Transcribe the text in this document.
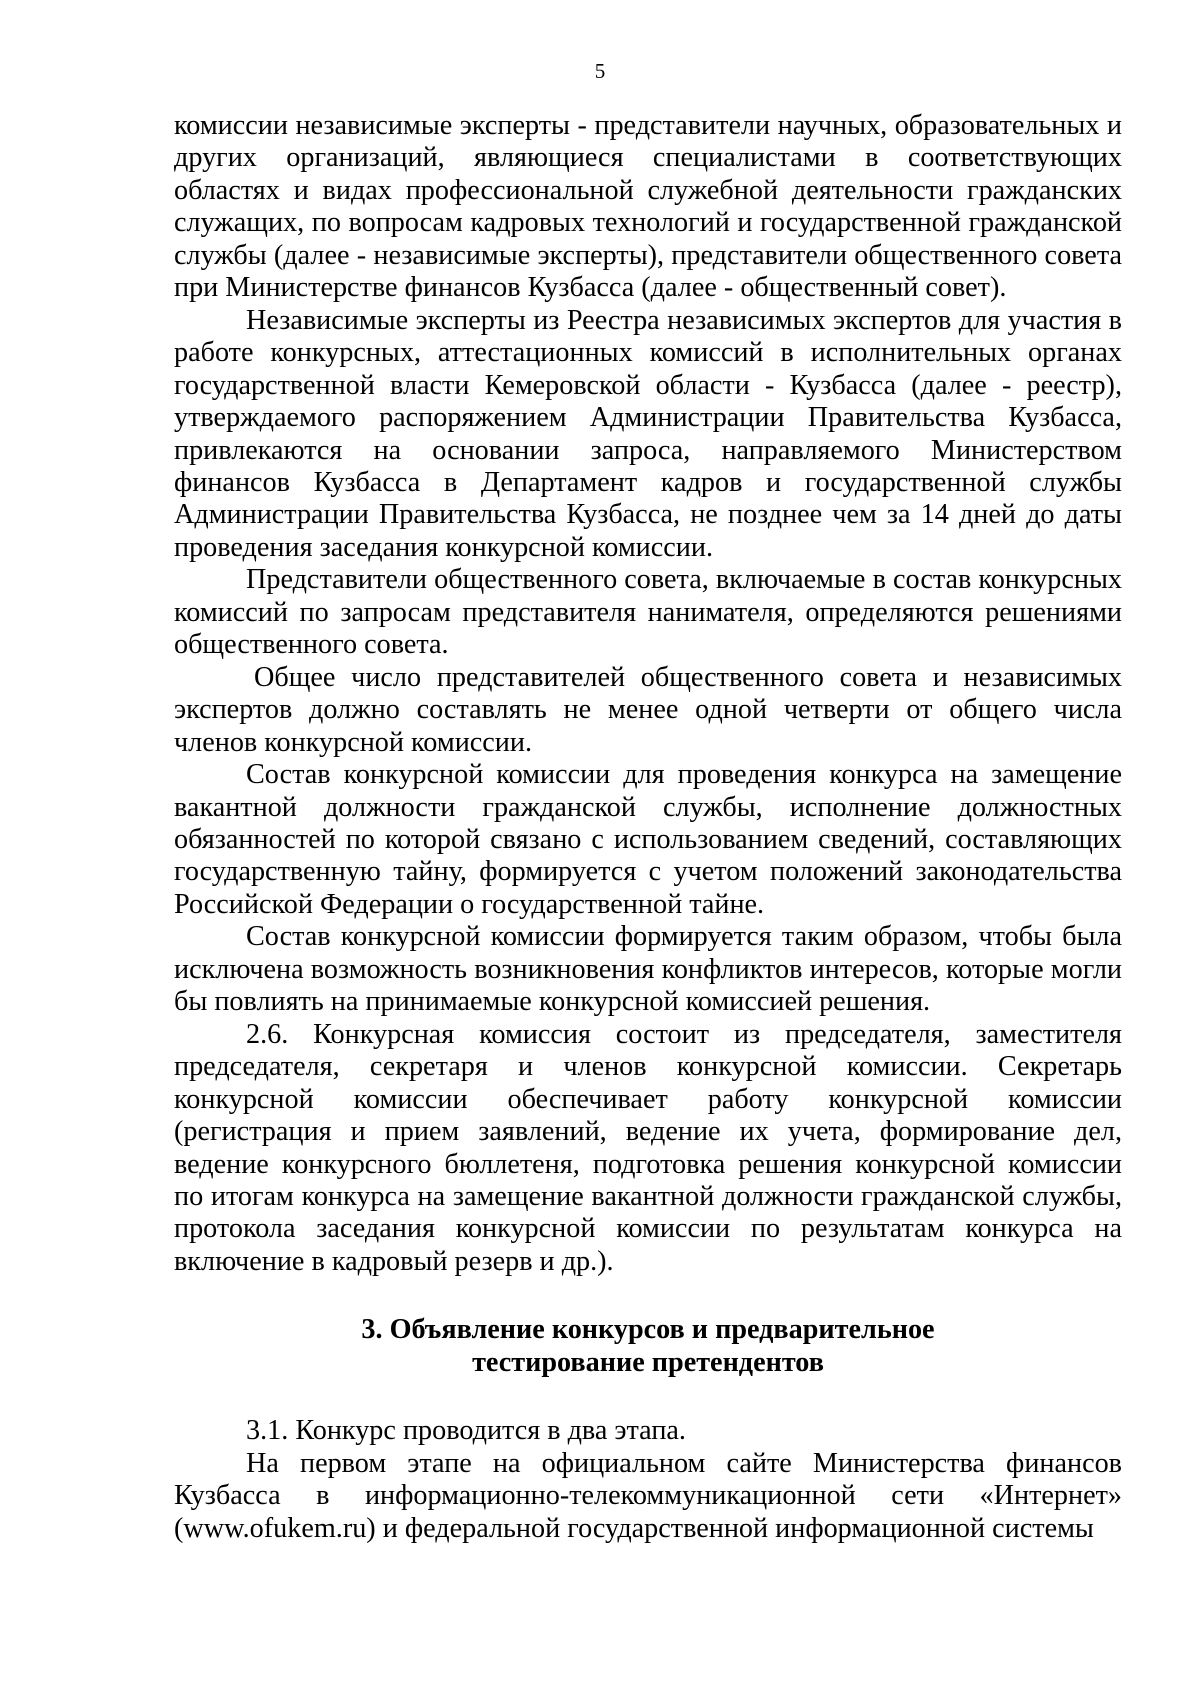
5

комиссии независимые эксперты - представители научных, образовательных и других организаций, являющиеся специалистами в соответствующих областях и видах профессиональной служебной деятельности гражданских служащих, по вопросам кадровых технологий и государственной гражданской службы (далее - независимые эксперты), представители общественного совета при Министерстве финансов Кузбасса (далее - общественный совет).

Независимые эксперты из Реестра независимых экспертов для участия в работе конкурсных, аттестационных комиссий в исполнительных органах государственной власти Кемеровской области - Кузбасса (далее - реестр), утверждаемого распоряжением Администрации Правительства Кузбасса, привлекаются на основании запроса, направляемого Министерством финансов Кузбасса в Департамент кадров и государственной службы Администрации Правительства Кузбасса, не позднее чем за 14 дней до даты проведения заседания конкурсной комиссии.

Представители общественного совета, включаемые в состав конкурсных комиссий по запросам представителя нанимателя, определяются решениями общественного совета.

Общее число представителей общественного совета и независимых экспертов должно составлять не менее одной четверти от общего числа членов конкурсной комиссии.

Состав конкурсной комиссии для проведения конкурса на замещение вакантной должности гражданской службы, исполнение должностных обязанностей по которой связано с использованием сведений, составляющих государственную тайну, формируется с учетом положений законодательства Российской Федерации о государственной тайне.

Состав конкурсной комиссии формируется таким образом, чтобы была исключена возможность возникновения конфликтов интересов, которые могли бы повлиять на принимаемые конкурсной комиссией решения.

2.6. Конкурсная комиссия состоит из председателя, заместителя председателя, секретаря и членов конкурсной комиссии. Секретарь конкурсной комиссии обеспечивает работу конкурсной комиссии (регистрация и прием заявлений, ведение их учета, формирование дел, ведение конкурсного бюллетеня, подготовка решения конкурсной комиссии по итогам конкурса на замещение вакантной должности гражданской службы, протокола заседания конкурсной комиссии по результатам конкурса на включение в кадровый резерв и др.).

3. Объявление конкурсов и предварительное
тестирование претендентов

3.1. Конкурс проводится в два этапа.

На первом этапе на официальном сайте Министерства финансов Кузбасса в информационно-телекоммуникационной сети «Интернет» (www.ofukem.ru) и федеральной государственной информационной системы
